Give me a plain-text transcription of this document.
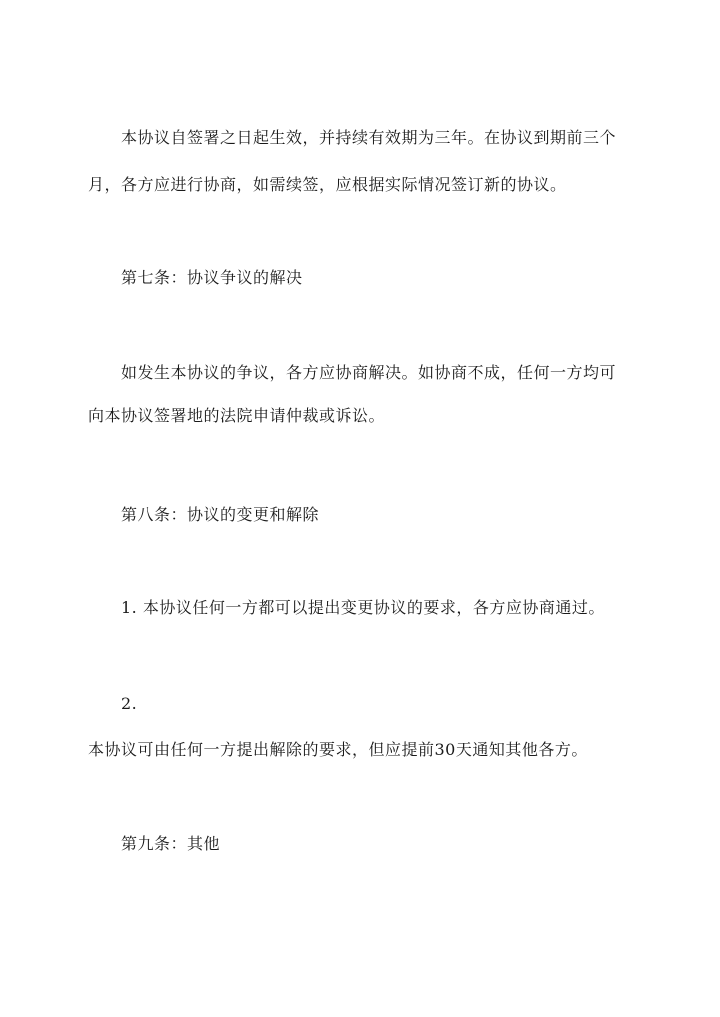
本协议自签署之日起生效，并持续有效期为三年。在协议到期前三个
月，各方应进行协商，如需续签，应根据实际情况签订新的协议。
第七条：协议争议的解决
如发生本协议的争议，各方应协商解决。如协商不成，任何一方均可
向本协议签署地的法院申请仲裁或诉讼。
第八条：协议的变更和解除
1. 本协议任何一方都可以提出变更协议的要求，各方应协商通过。
2.
本协议可由任何一方提出解除的要求，但应提前30天通知其他各方。
第九条：其他
